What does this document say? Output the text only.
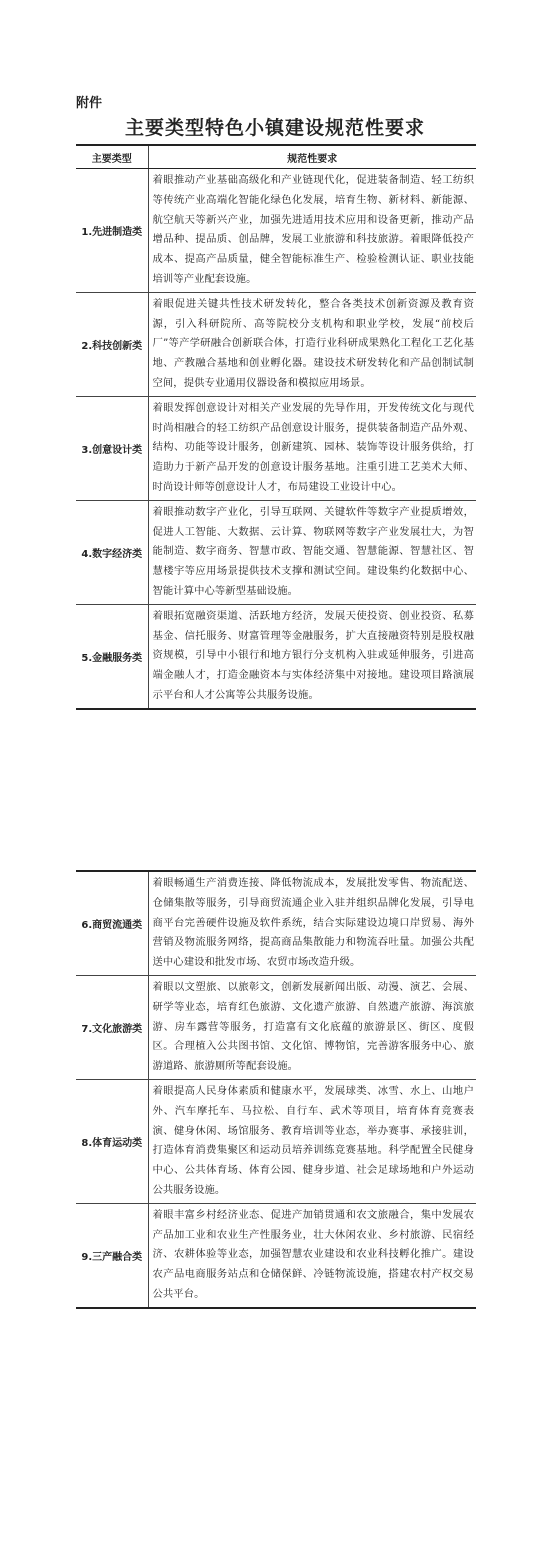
附件
主要类型特色小镇建设规范性要求
主要类型	规范性要求
1.先进制造类	着眼推动产业基础高级化和产业链现代化，促进装备制造、轻工纺织等传统产业高端化智能化绿色化发展，培育生物、新材料、新能源、航空航天等新兴产业，加强先进适用技术应用和设备更新，推动产品增品种、提品质、创品牌，发展工业旅游和科技旅游。着眼降低投产成本、提高产品质量，健全智能标准生产、检验检测认证、职业技能培训等产业配套设施。
2.科技创新类	着眼促进关键共性技术研发转化，整合各类技术创新资源及教育资源，引入科研院所、高等院校分支机构和职业学校，发展“前校后厂”等产学研融合创新联合体，打造行业科研成果熟化工程化工艺化基地、产教融合基地和创业孵化器。建设技术研发转化和产品创制试制空间，提供专业通用仪器设备和模拟应用场景。
3.创意设计类	着眼发挥创意设计对相关产业发展的先导作用，开发传统文化与现代时尚相融合的轻工纺织产品创意设计服务，提供装备制造产品外观、结构、功能等设计服务，创新建筑、园林、装饰等设计服务供给，打造助力于新产品开发的创意设计服务基地。注重引进工艺美术大师、时尚设计师等创意设计人才，布局建设工业设计中心。
4.数字经济类	着眼推动数字产业化，引导互联网、关键软件等数字产业提质增效，促进人工智能、大数据、云计算、物联网等数字产业发展壮大，为智能制造、数字商务、智慧市政、智能交通、智慧能源、智慧社区、智慧楼宇等应用场景提供技术支撑和测试空间。建设集约化数据中心、智能计算中心等新型基础设施。
5.金融服务类	着眼拓宽融资渠道、活跃地方经济，发展天使投资、创业投资、私募基金、信托服务、财富管理等金融服务，扩大直接融资特别是股权融资规模，引导中小银行和地方银行分支机构入驻或延伸服务，引进高端金融人才，打造金融资本与实体经济集中对接地。建设项目路演展示平台和人才公寓等公共服务设施。
6.商贸流通类	着眼畅通生产消费连接、降低物流成本，发展批发零售、物流配送、仓储集散等服务，引导商贸流通企业入驻并组织品牌化发展，引导电商平台完善硬件设施及软件系统，结合实际建设边境口岸贸易、海外营销及物流服务网络，提高商品集散能力和物流吞吐量。加强公共配送中心建设和批发市场、农贸市场改造升级。
7.文化旅游类	着眼以文塑旅、以旅彰文，创新发展新闻出版、动漫、演艺、会展、研学等业态，培育红色旅游、文化遗产旅游、自然遗产旅游、海滨旅游、房车露营等服务，打造富有文化底蕴的旅游景区、街区、度假区。合理植入公共图书馆、文化馆、博物馆，完善游客服务中心、旅游道路、旅游厕所等配套设施。
8.体育运动类	着眼提高人民身体素质和健康水平，发展球类、冰雪、水上、山地户外、汽车摩托车、马拉松、自行车、武术等项目，培育体育竞赛表演、健身休闲、场馆服务、教育培训等业态，举办赛事、承接驻训，打造体育消费集聚区和运动员培养训练竞赛基地。科学配置全民健身中心、公共体育场、体育公园、健身步道、社会足球场地和户外运动公共服务设施。
9.三产融合类	着眼丰富乡村经济业态、促进产加销贯通和农文旅融合，集中发展农产品加工业和农业生产性服务业，壮大休闲农业、乡村旅游、民宿经济、农耕体验等业态，加强智慧农业建设和农业科技孵化推广。建设农产品电商服务站点和仓储保鲜、冷链物流设施，搭建农村产权交易公共平台。
